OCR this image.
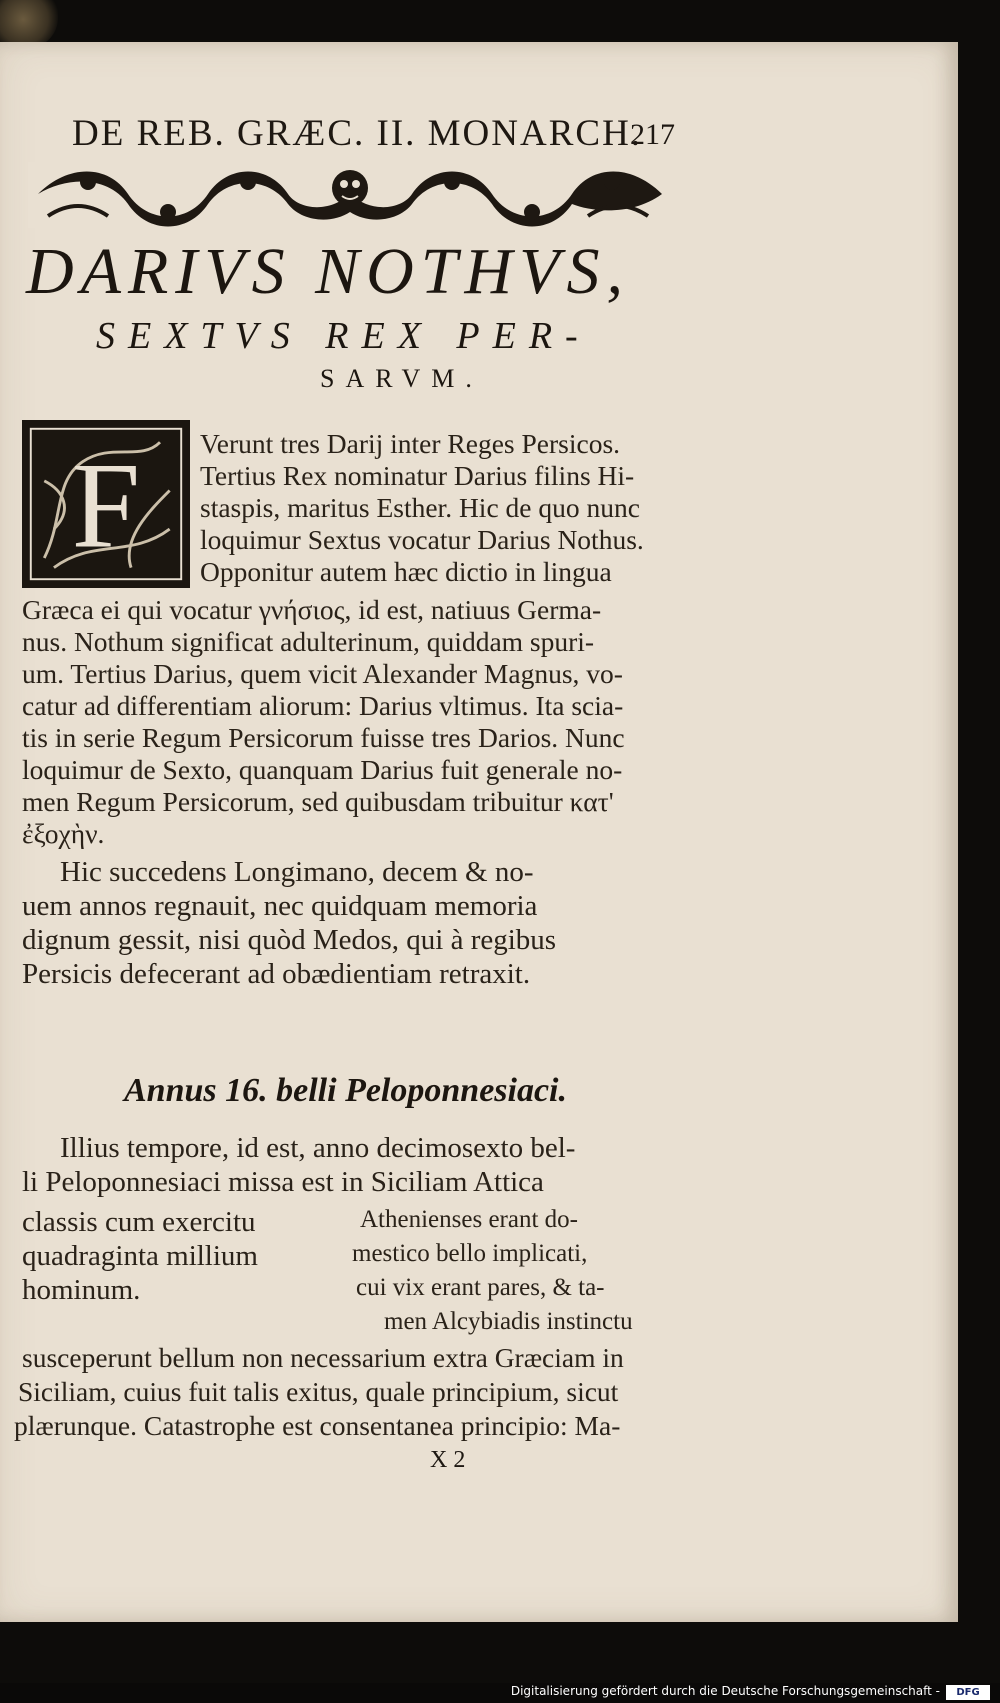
DE REB. GRÆC. II. MONARCH.
217
DARIVS NOTHVS,
SEXTVS REX PER-
SARVM.
F Verunt tres Darij inter Reges Persicos.
Tertius Rex nominatur Darius filins Hi-
staspis, maritus Esther. Hic de quo nunc
loquimur Sextus vocatur Darius Nothus.
Opponitur autem hæc dictio in lingua
Græca ei qui vocatur γνήσιος, id est, natiuus Germa-
nus. Nothum significat adulterinum, quiddam spuri-
um. Tertius Darius, quem vicit Alexander Magnus, vo-
catur ad differentiam aliorum: Darius vltimus. Ita scia-
tis in serie Regum Persicorum fuisse tres Darios. Nunc
loquimur de Sexto, quanquam Darius fuit generale no-
men Regum Persicorum, sed quibusdam tribuitur κατ'
ἐξοχὴν.
Hic succedens Longimano, decem & no-
uem annos regnauit, nec quidquam memoria
dignum gessit, nisi quòd Medos, qui à regibus
Persicis defecerant ad obædientiam retraxit.
Annus 16. belli Peloponnesiaci.
Illius tempore, id est, anno decimosexto bel-
li Peloponnesiaci missa est in Siciliam Attica
classis cum exercitu
quadraginta millium
hominum.
Athenienses erant do-
mestico bello implicati,
cui vix erant pares, & ta-
men Alcybiadis instinctu
susceperunt bellum non necessarium extra Græciam in
Siciliam, cuius fuit talis exitus, quale principium, sicut
plærunque. Catastrophe est consentanea principio: Ma-
X 2
Digitalisierung gefördert durch die Deutsche Forschungsgemeinschaft -	DFG
